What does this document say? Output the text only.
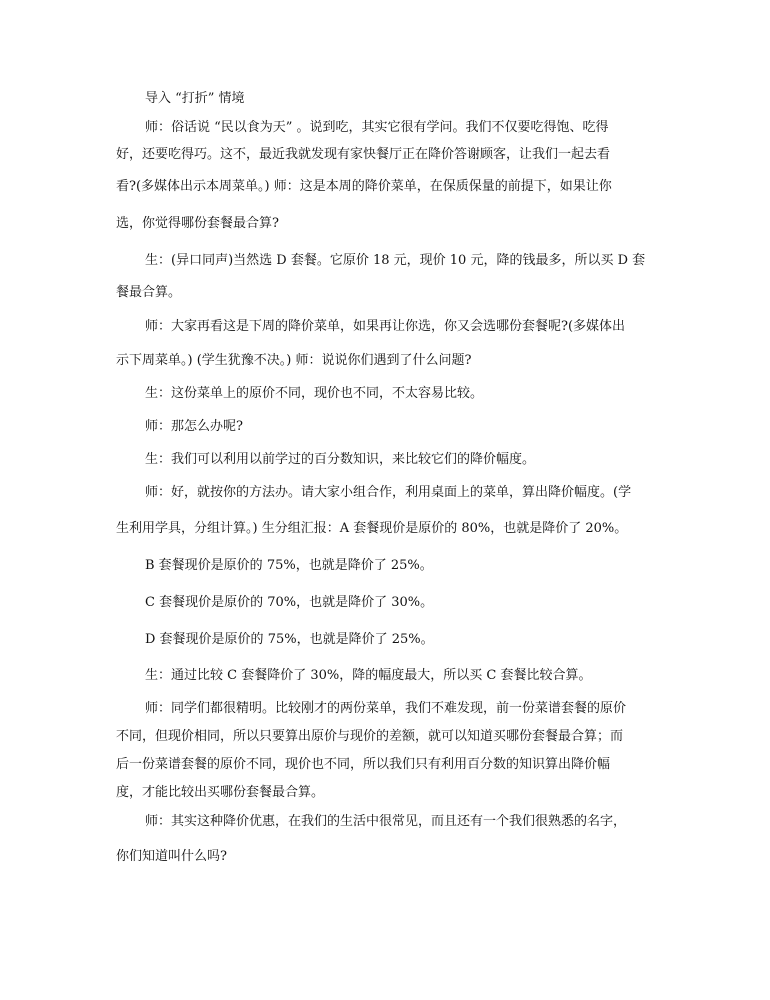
导入 “打折” 情境
师：俗话说 “民以食为天” 。说到吃，其实它很有学问。我们不仅要吃得饱、吃得
好，还要吃得巧。这不，最近我就发现有家快餐厅正在降价答谢顾客，让我们一起去看
看?(多媒体出示本周菜单。) 师：这是本周的降价菜单，在保质保量的前提下，如果让你
选，你觉得哪份套餐最合算?
生：(异口同声)当然选 D 套餐。它原价 18 元，现价 10 元，降的钱最多，所以买 D 套
餐最合算。
师：大家再看这是下周的降价菜单，如果再让你选，你又会选哪份套餐呢?(多媒体出
示下周菜单。) (学生犹豫不决。) 师：说说你们遇到了什么问题?
生：这份菜单上的原价不同，现价也不同，不太容易比较。
师：那怎么办呢?
生：我们可以利用以前学过的百分数知识，来比较它们的降价幅度。
师：好，就按你的方法办。请大家小组合作，利用桌面上的菜单，算出降价幅度。(学
生利用学具，分组计算。) 生分组汇报：A 套餐现价是原价的 80%，也就是降价了 20%。
B 套餐现价是原价的 75%，也就是降价了 25%。
C 套餐现价是原价的 70%，也就是降价了 30%。
D 套餐现价是原价的 75%，也就是降价了 25%。
生：通过比较 C 套餐降价了 30%，降的幅度最大，所以买 C 套餐比较合算。
师：同学们都很精明。比较刚才的两份菜单，我们不难发现，前一份菜谱套餐的原价
不同，但现价相同，所以只要算出原价与现价的差额，就可以知道买哪份套餐最合算；而
后一份菜谱套餐的原价不同，现价也不同，所以我们只有利用百分数的知识算出降价幅
度，才能比较出买哪份套餐最合算。
师：其实这种降价优惠，在我们的生活中很常见，而且还有一个我们很熟悉的名字，
你们知道叫什么吗?
